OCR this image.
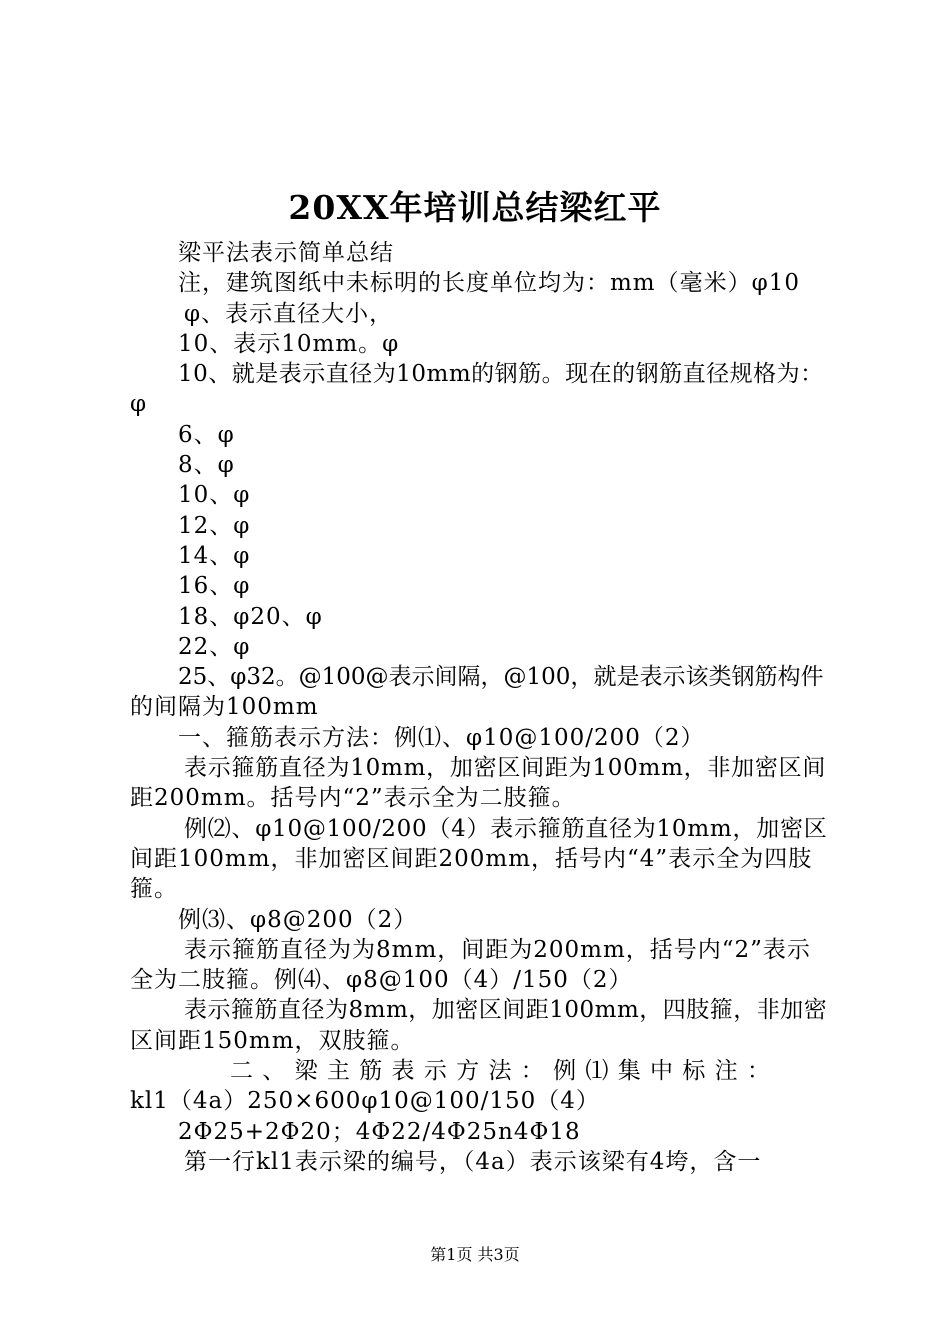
20XX年培训总结梁红平
梁平法表示简单总结
注，建筑图纸中未标明的长度单位均为：mm（毫米）φ10
φ、表示直径大小，
10、表示10mm。φ
10、就是表示直径为10mm的钢筋。现在的钢筋直径规格为：
φ
6、φ
8、φ
10、φ
12、φ
14、φ
16、φ
18、φ20、φ
22、φ
25、φ32。@100@表示间隔，@100，就是表示该类钢筋构件
的间隔为100mm
一、箍筋表示方法：例⑴、φ10@100/200（2）
表示箍筋直径为10mm，加密区间距为100mm，非加密区间
距200mm。括号内“2”表示全为二肢箍。
例⑵、φ10@100/200（4）表示箍筋直径为10mm，加密区
间距100mm，非加密区间距200mm，括号内“4”表示全为四肢
箍。
例⑶、φ8@200（2）
表示箍筋直径为为8mm，间距为200mm，括号内“2”表示
全为二肢箍。例⑷、φ8@100（4）/150（2）
表示箍筋直径为8mm，加密区间距100mm，四肢箍，非加密
区间距150mm，双肢箍。
二 、 梁 主 筋 表 示 方 法 ： 例 ⑴ 集 中 标 注 ：
kl1（4a）250×600φ10@100/150（4）
2Φ25+2Φ20；4Φ22/4Φ25n4Φ18
第一行kl1表示梁的编号，（4a）表示该梁有4垮，含一
第1页 共3页
